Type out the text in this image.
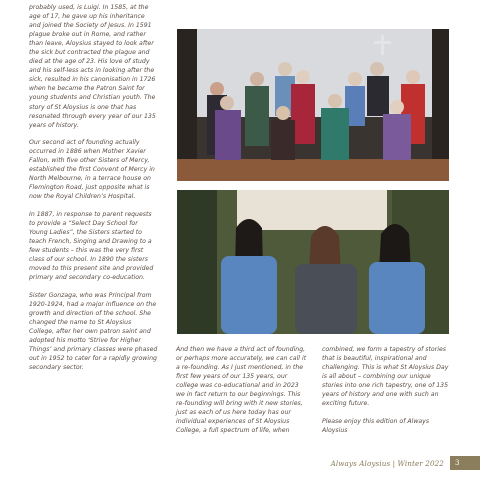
probably used, is Luigi. In 1585, at the age of 17, he gave up his inheritance and joined the Society of Jesus. In 1591 plague broke out in Rome, and rather than leave, Aloysius stayed to look after the sick but contracted the plague and died at the age of 23. His love of study and his self-less acts in looking after the sick, resulted in his canonisation in 1726 when he became the Patron Saint for young students and Christian youth. The story of St Aloysius is one that has resonated through every year of our 135 years of history.

Our second act of founding actually occurred in 1886 when Mother Xavier Fallon, with five other Sisters of Mercy, established the first Convent of Mercy in North Melbourne, in a terrace house on Flemington Road, just opposite what is now the Royal Children’s Hospital.

In 1887, in response to parent requests to provide a “Select Day School for Young Ladies”, the Sisters started to teach French, Singing and Drawing to a few students – this was the very first class of our school. In 1890 the sisters moved to this present site and provided primary and secondary co-education.

Sister Gonzaga, who was Principal from 1920-1924, had a major influence on the growth and direction of the school. She changed the name to St Aloysius College, after her own patron saint and adopted his motto ‘Strive for Higher Things’ and primary classes were phased out in 1952 to cater for a rapidly growing secondary sector.

And then we have a third act of founding, or perhaps more accurately, we can call it a re-founding. As I just mentioned, in the first few years of our 135 years, our college was co-educational and in 2023 we in fact return to our beginnings. This re-founding will bring with it new stories, just as each of us here today has our individual experiences of St Aloysius College, a full spectrum of life, when

combined, we form a tapestry of stories that is beautiful, inspirational and challenging. This is what St Aloysius Day is all about – combining our unique stories into one rich tapestry, one of 135 years of history and one with such an exciting future.

Please enjoy this edition of Always Aloysius

Always Aloysius | Winter 2022	3
